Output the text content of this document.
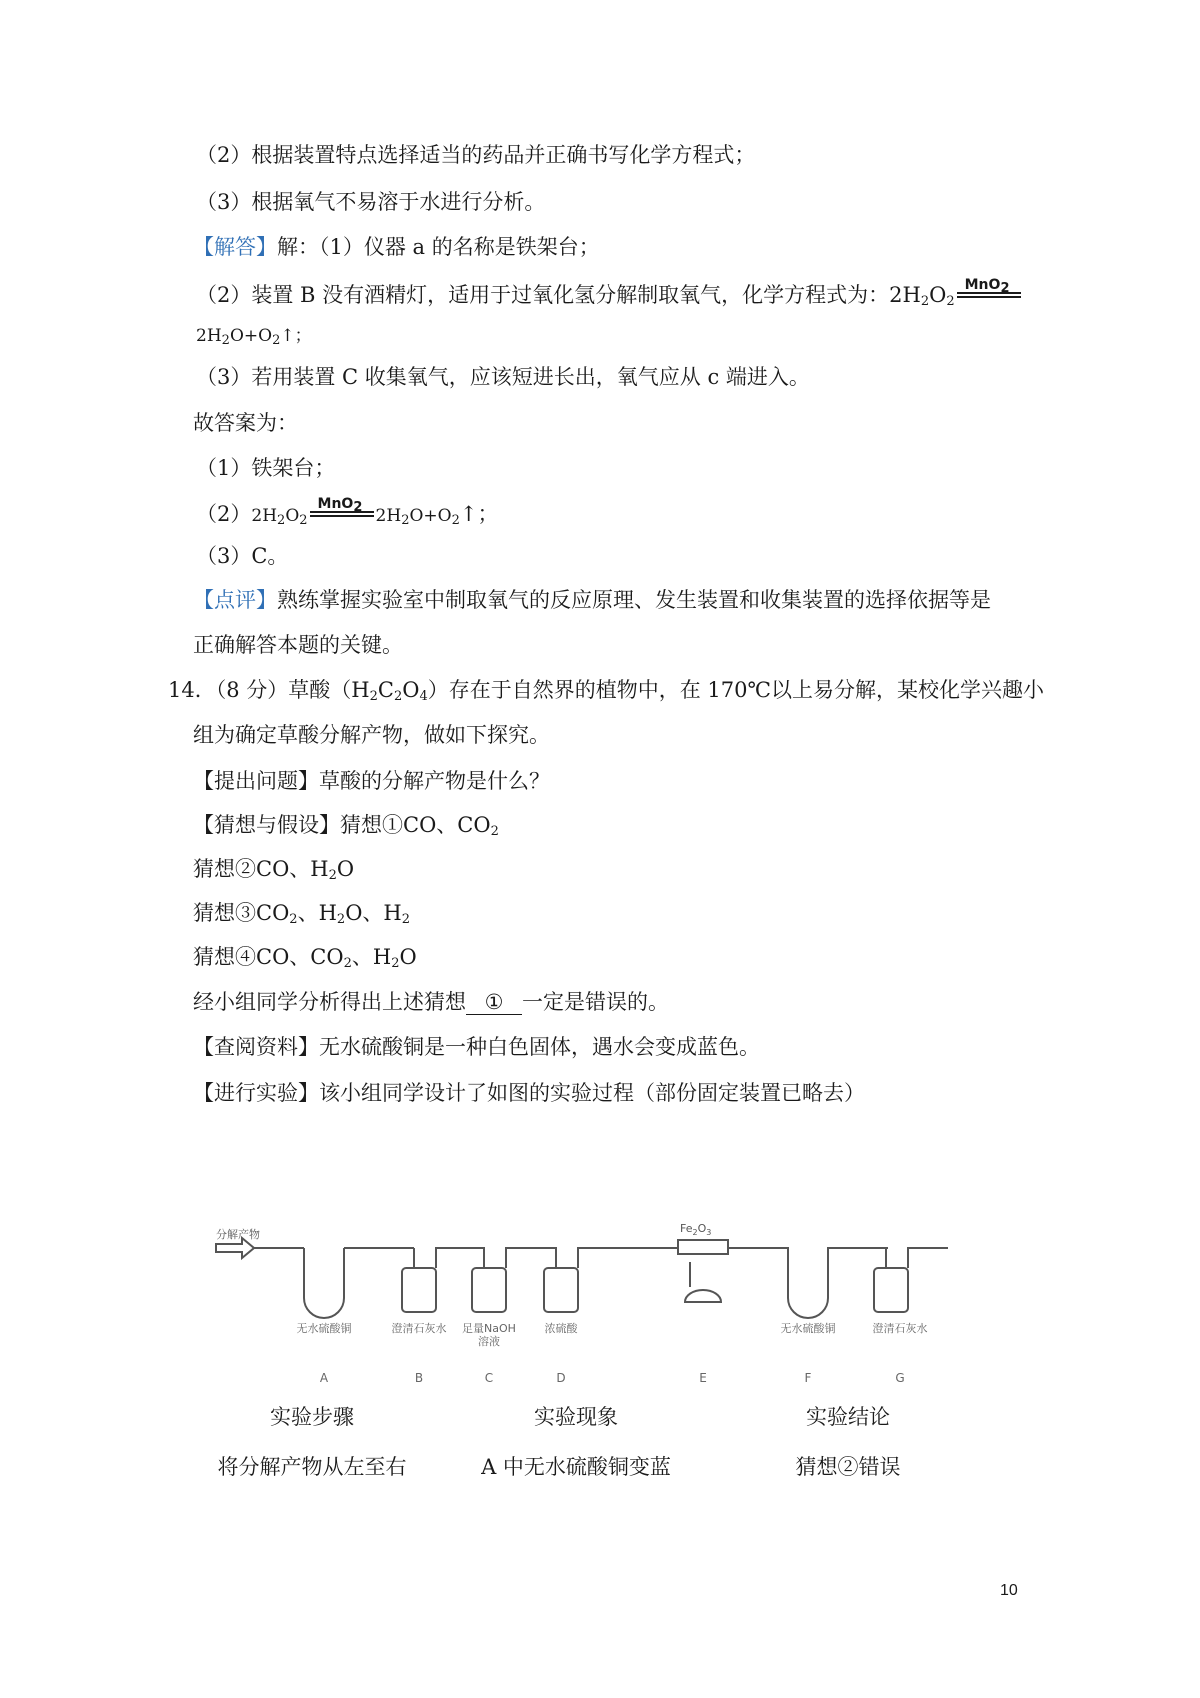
（2）根据装置特点选择适当的药品并正确书写化学方程式；
（3）根据氧气不易溶于水进行分析。
【解答】解：（1）仪器 a 的名称是铁架台；
（2）装置 B 没有酒精灯，适用于过氧化氢分解制取氧气，化学方程式为：$2H_2O_2$
MnO$_2$
$2H_2O+O_2↑$；
（3）若用装置 C 收集氧气，应该短进长出，氧气应从 c 端进入。
故答案为：
（1）铁架台；
$(2)2H_2O_2$
MnO$_2$ $2H_2O+O_2↑$；
（3）C。
【点评】熟练掌握实验室中制取氧气的反应原理、发生装置和收集装置的选择依据等是
正确解答本题的关键。
14．（8 分）草酸$(H_2C_2O_4)$存在于自然界的植物中，在 170℃以上易分解，某校化学兴趣小
组为确定草酸分解产物，做如下探究。
【提出问题】草酸的分解产物是什么？
【猜想与假设】猜想①CO、$CO_2$
猜想②CO、$H_2O$
猜想$③CO_2$、$H_2O$、$H_2$
猜想④CO、$CO_2$、$H_2O$
经小组同学分析得出上述猜想 ① 一定是错误的。
【查阅资料】无水硫酸铜是一种白色固体，遇水会变成蓝色。
【进行实验】该小组同学设计了如图的实验过程（部份固定装置已略去）
分解产物	$Fe_2O_3$
无水硫酸铜	澄清石灰水 足量NaOH
溶液
浓硫酸	无水硫酸铜	澄清石灰水
A	B	C	D	E	F	G
实验步骤	实验现象	实验结论
将分解产物从左至右	A 中无水硫酸铜变蓝	猜想②错误
10
